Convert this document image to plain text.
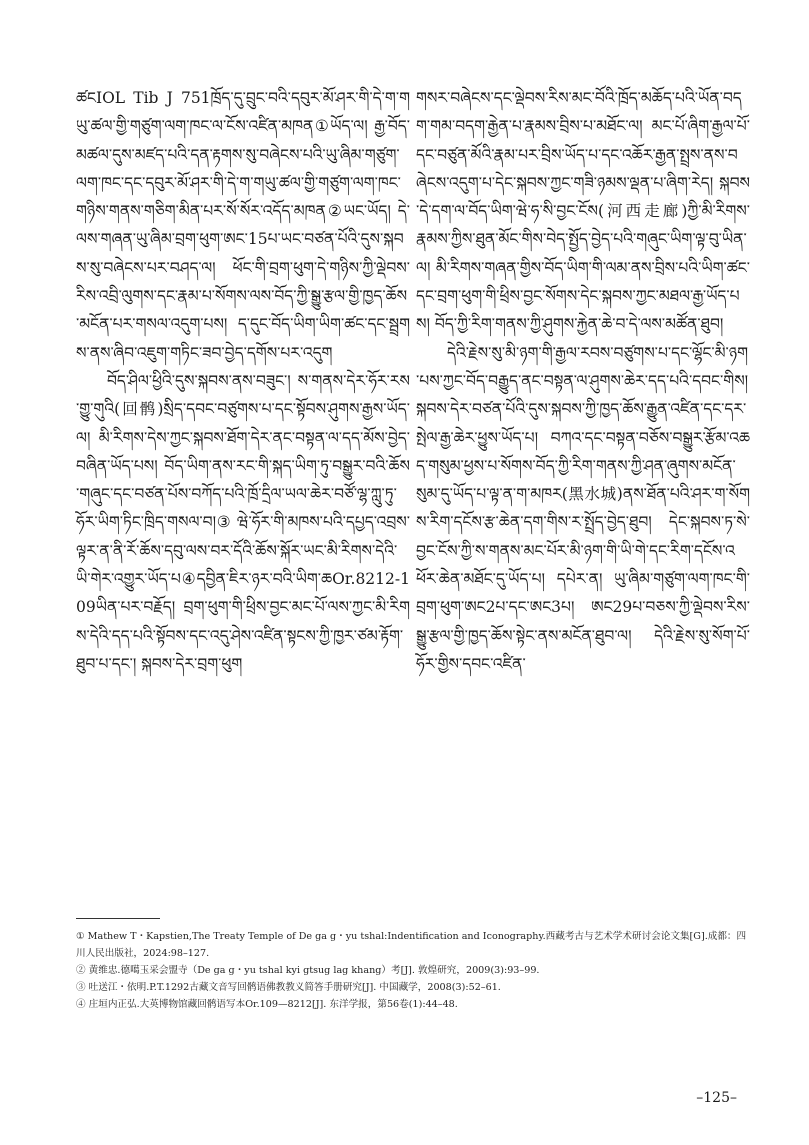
ཚངIOL Tib J 751ཁྲོད་དུ་བྲུང་བའི་དབུར་མོ་ཤར་གི་དེ་ག་གཡུ་ཚལ་གྱི་གཙུག་ལག་ཁང་ལ་ངོས་འཛིན་མཁན①ཡོད་ལ། རྒྱ་བོད་མཚལ་དུས་མཛད་པའི་དན་རྟགས་སུ་བཞེངས་པའི་ཡུ་ཞིམ་གཙུག་ལག་ཁང་དང་དབུར་མོ་ཤར་གི་དེ་ག་གཡུ་ཚལ་གྱི་གཙུག་ལག་ཁང་གཉིས་གནས་གཅིག་མིན་པར་སོ་སོར་འདོད་མཁན②ཡང་ཡོད། དེ་ལས་གཞན་ཡུ་ཞིམ་བྲག་ཕུག་ཨང་15པ་ཡང་བཙན་པོའི་དུས་སྐབས་སུ་བཞེངས་པར་བཤད་ལ། ཕོང་གི་བྲག་ཕུག་དེ་གཉིས་ཀྱི་ལྡེབས་རིས་འབྲི་ལུགས་དང་རྣམ་པ་སོགས་ལས་བོད་ཀྱི་སྒྱུ་རྩལ་གྱི་ཁྱད་ཆོས་མངོན་པར་གསལ་འདུག་པས། ད་དུང་བོད་ཡིག་ཡིག་ཚང་དང་སྦྲགས་ནས་ཞིབ་འཇུག་གཏིང་ཟབ་བྱེད་དགོས་པར་འདུག

བོད་ཤིལ་ཕྱིའི་དུས་སྐབས་ནས་བཟུང་། ས་གནས་དེར་ཧོར་རས་གྱུ་གུའི(回鹘)སྲིད་དབང་བཙུགས་པ་དང་སྟོབས་ཤུགས་རྒྱས་ཡོད་ལ། མི་རིགས་དེས་ཀྱང་སྐབས་ཐོག་དེར་ནང་བསྟན་ལ་དད་མོས་བྱེད་བཞིན་ཡོད་པས། བོད་ཡིག་ནས་རང་གི་སྐད་ཡིག་ཏུ་བསྒྱུར་བའི་ཆོས་གཞུང་དང་བཙན་པོས་བཀོད་པའི་ཁྲོ་དྲིལ་ཡལ་ཆེར་བཙོ་ལྷ་ཀླུ་ཏུ་ཧོར་ཡིག་ཏིང་ཁྲིད་གསལ་བ།③ ཝེ་ཧོར་གི་མཁས་པའི་དཔྱད་འབྲས་ལྟར་ན་ནི་རོ་ཆོས་དབུ་ལས་བར་དོའི་ཆོས་སྐོར་ཡང་མི་རིགས་དེའི་ཡི་གེར་འགྱུར་ཡོད་པ④དབྱིན་ཇིར་ཉར་བའི་ཡིག་ཆOr.8212-109ཡིན་པར་བརྗོད། བྲག་ཕུག་གི་ཕྲིས་བྱང་མང་པོ་ལས་ཀྱང་མི་རིགས་དེའི་དད་པའི་སྟོབས་དང་འདུ་ཤེས་འཛིན་སྟངས་ཀྱི་ཁྱར་ཙམ་རྟོག་ཐུབ་པ་དང་། སྐབས་དེར་བྲག་ཕུག

གསར་བཞེངས་དང་ལྡེབས་རིས་མང་བོའི་ཁྲོད་མཆོད་པའི་ཡོན་བདག་གམ་བདག་རྒྱེན་པ་རྣམས་བྲིས་པ་མཐོང་ལ། མང་པོ་ཞིག་རྒྱལ་པོ་དང་བཙུན་མོའི་རྣམ་པར་བྲིས་ཡོད་པ་དང་འཆོར་རྒྱན་སྤྲས་ནས་བཞེངས་འདུག་པ་དེང་སྐབས་ཀྱང་གཟི་ཉམས་ལྡན་པ་ཞིག་རེད། སྐབས་དེ་དག་ལ་བོད་ཡིག་ཝེ་ཧ་སི་བྱང་ངོས(河西走廊)ཀྱི་མི་རིགས་རྣམས་ཀྱིས་ཐུན་མོང་གིས་བེད་སྤྱོད་བྱེད་པའི་གཞུང་ཡིག་ལྟ་བུ་ཡིན་ལ། མི་རིགས་གཞན་གྱིས་བོད་ཡིག་གི་ལམ་ནས་བྲིས་པའི་ཡིག་ཚང་དང་བྲག་ཕུག་གི་ཕྲིས་བྱང་སོགས་དེང་སྐབས་ཀྱང་མཐལ་རྒྱ་ཡོད་པས། བོད་ཀྱི་རིག་གནས་ཀྱི་ཤུགས་རྐྱེན་ཆེ་བ་དེ་ལས་མཚོན་ཐུབ།

དེའི་རྗེས་སུ་མི་ཉག་གི་རྒྱལ་རབས་བཙུགས་པ་དང་ལྷོང་མི་ཉག་པས་ཀྱང་བོད་བརྒྱུད་ནང་བསྟན་ལ་ཤུགས་ཆེར་དད་པའི་དབང་གིས། སྐབས་དེར་བཙན་པོའི་དུས་སྐབས་ཀྱི་ཁྱད་ཆོས་རྒྱུན་འཛིན་དང་དར་སྤེལ་རྒྱ་ཆེར་ཕྱུས་ཡོད་པ། བཀའ་དང་བསྟན་བཅོས་བསྒྱུར་རྩོམ་འཆད་གསུམ་ཕྱས་པ་སོགས་བོད་ཀྱི་རིག་གནས་ཀྱི་ཤན་ཞུགས་མངོན་སུམ་དུ་ཡོད་པ་ལྟ་ན་ག་མཁར(黑水城)ནས་ཐོན་པའི་ཤར་ག་སོགས་རིག་དངོས་རྩ་ཆེན་དག་གིས་ར་སྤྲོད་བྱེད་ཐུབ། དེང་སྐབས་ཏ་སེ་བྱང་ངོས་ཀྱི་ས་གནས་མང་པོར་མི་ཉག་གི་ཡི་གེ་དང་རིག་དངོས་འཕོར་ཆེན་མཐོང་དུ་ཡོད་པ། དཔེར་ན། ཡུ་ཞིམ་གཙུག་ལག་ཁང་གི་བྲག་ཕུག་ཨང2པ་དང་ཨང3པ། ཨང29པ་བཅས་ཀྱི་ལྡེབས་རིས་སྒྱུ་རྩལ་གྱི་ཁྱད་ཆོས་སྟེང་ནས་མངོན་ཐུབ་ལ། དེའི་རྗེས་སུ་སོག་པོ་ཧོར་གྱིས་དབང་འཛིན་

① Mathew T・Kapstien,The Treaty Temple of De ga g・yu tshal:Indentification and Iconography.西藏考古与艺术学术研讨会论文集[G].成都：四川人民出版社，2024:98–127.

② 黄维忠.德噶玉采会盟寺（De ga g・yu tshal kyi gtsug lag khang）考[J]. 敦煌研究，2009(3):93–99.

③ 吐送江・依明.P.T.1292古藏文音写回鹘语佛教教义简答手册研究[J]. 中国藏学，2008(3):52–61.

④ 庄垣内正弘.大英博物馆藏回鹘语写本Or.109—8212[J]. 东洋学报，第56卷(1):44–48.

–125–
